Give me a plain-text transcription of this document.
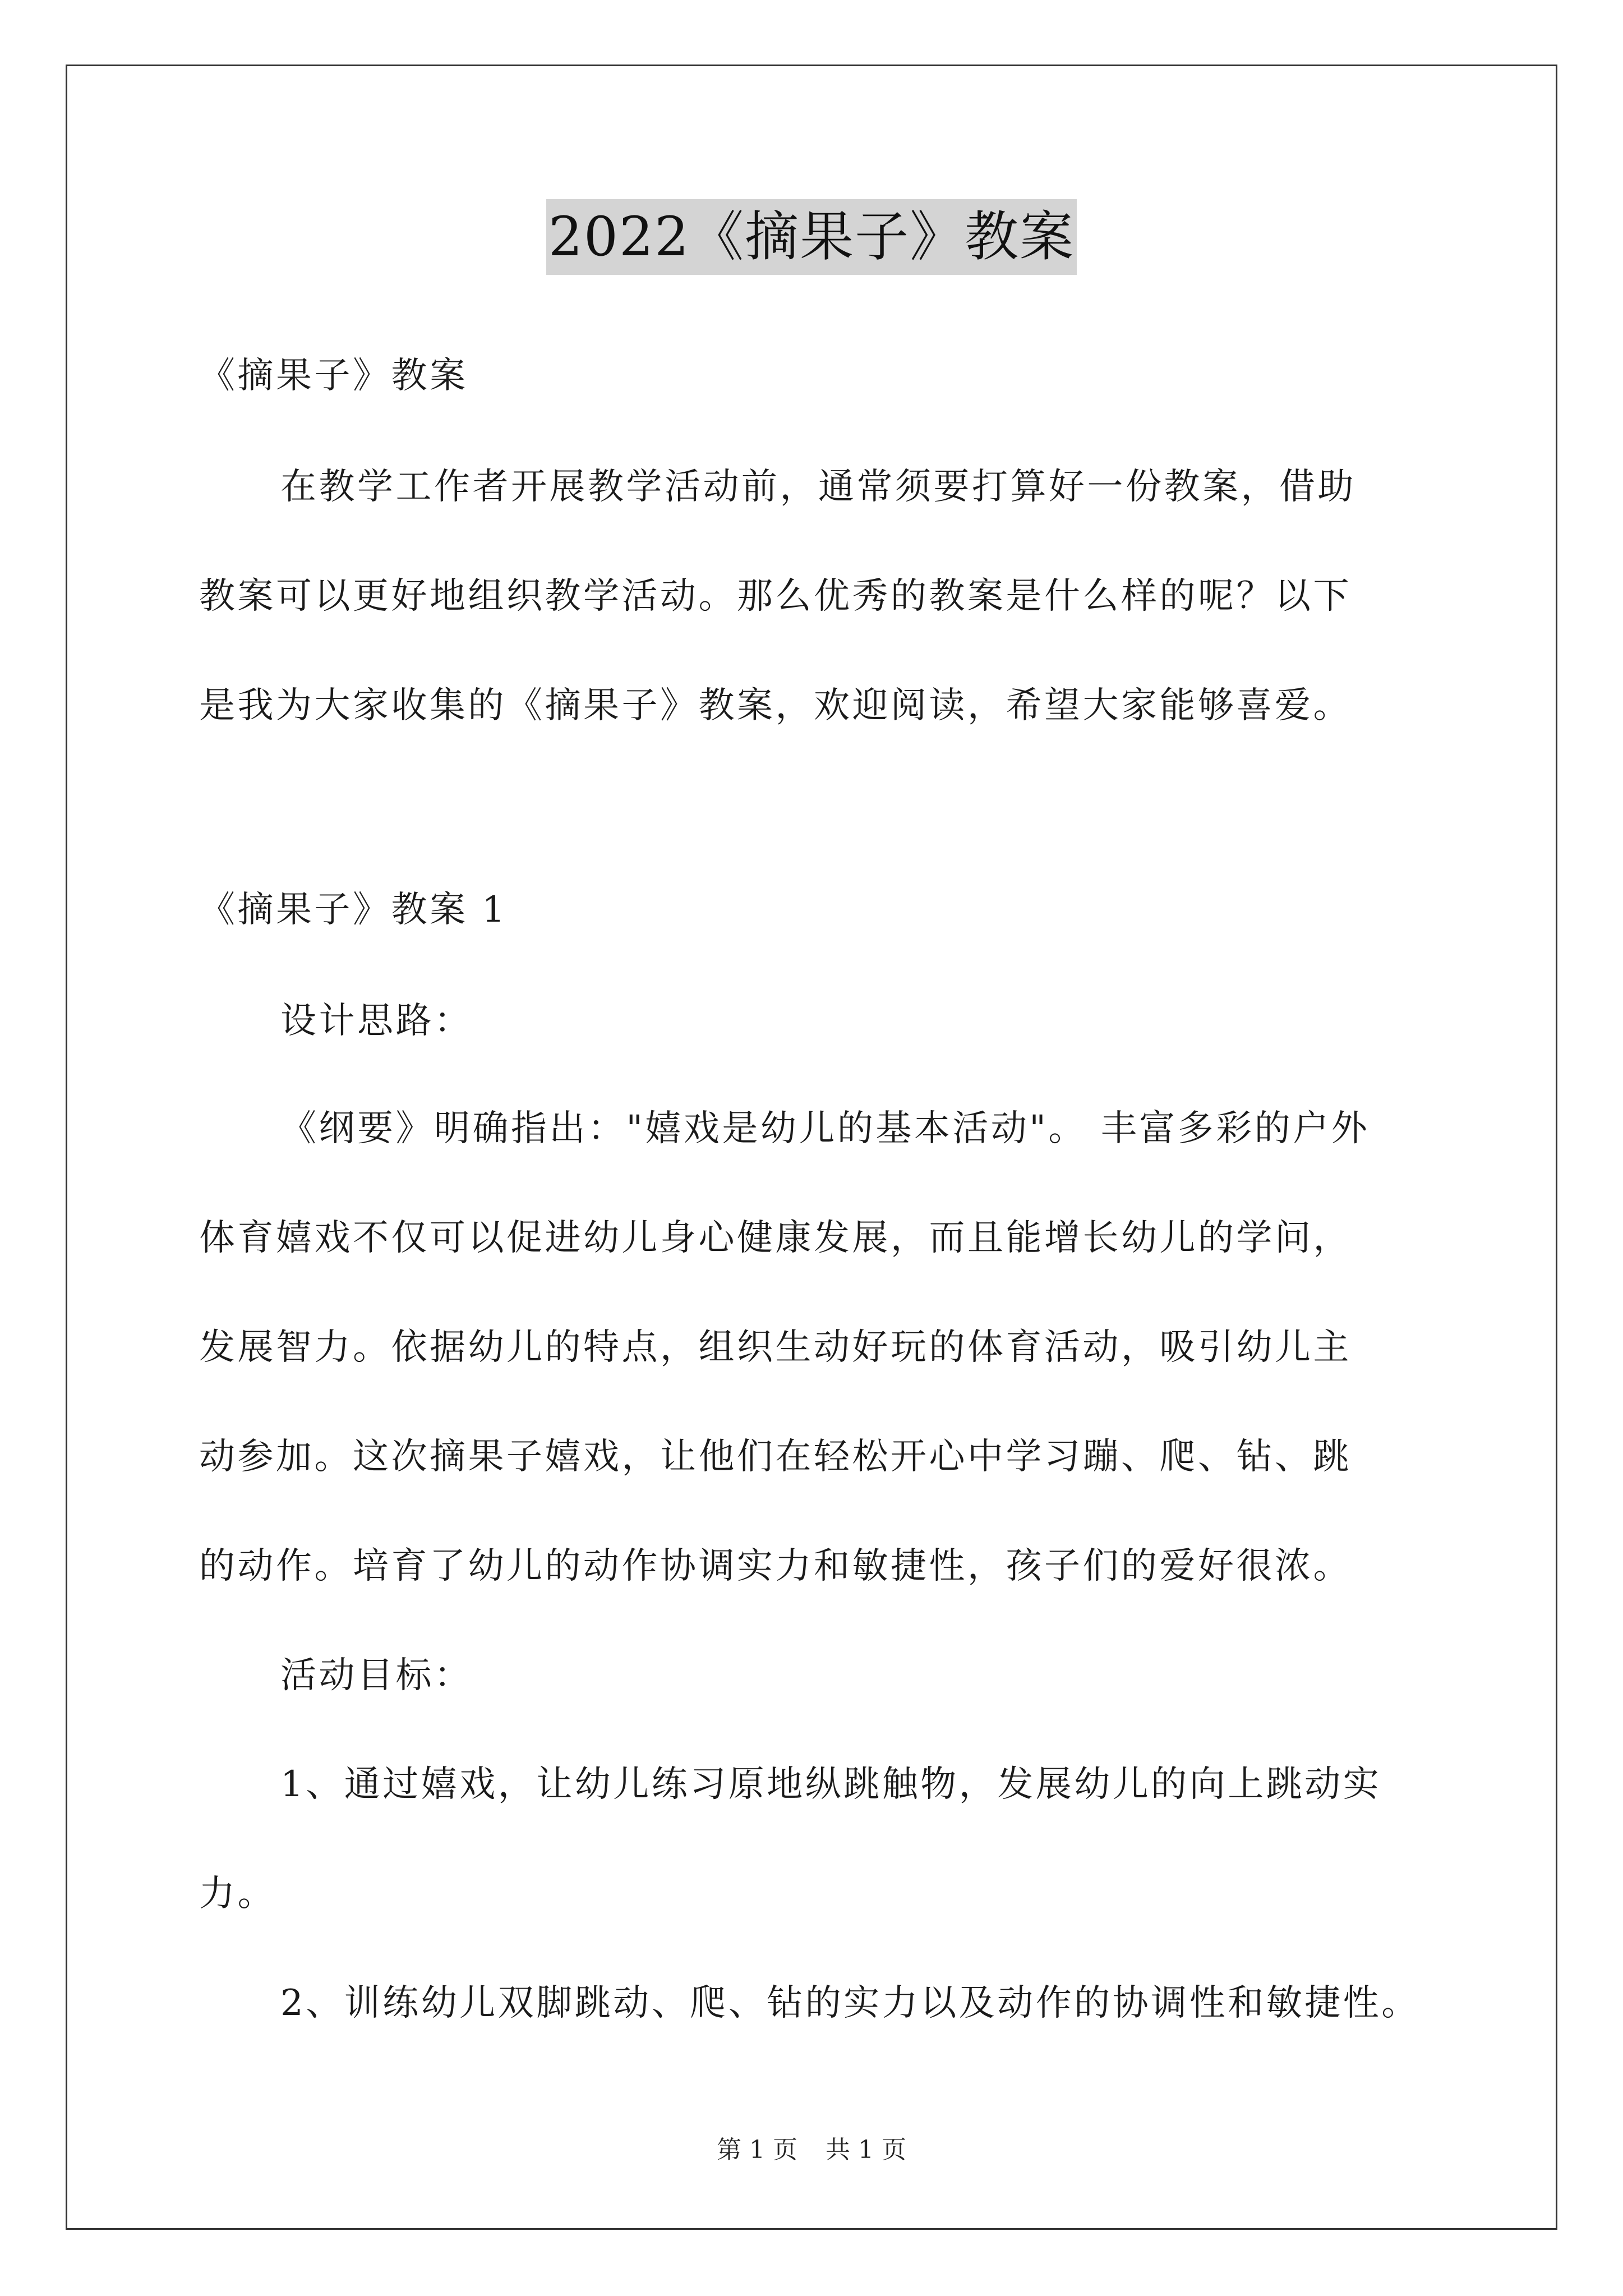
2022《摘果子》教案
《摘果子》教案
在教学工作者开展教学活动前，通常须要打算好一份教案，借助
教案可以更好地组织教学活动。那么优秀的教案是什么样的呢？以下
是我为大家收集的《摘果子》教案，欢迎阅读，希望大家能够喜爱。
《摘果子》教案 1
设计思路：
《纲要》明确指出："嬉戏是幼儿的基本活动"。 丰富多彩的户外
体育嬉戏不仅可以促进幼儿身心健康发展，而且能增长幼儿的学问，
发展智力。依据幼儿的特点，组织生动好玩的体育活动，吸引幼儿主
动参加。这次摘果子嬉戏，让他们在轻松开心中学习蹦、爬、钻、跳
的动作。培育了幼儿的动作协调实力和敏捷性，孩子们的爱好很浓。
活动目标：
1、通过嬉戏，让幼儿练习原地纵跳触物，发展幼儿的向上跳动实
力。
2、训练幼儿双脚跳动、爬、钻的实力以及动作的协调性和敏捷性。
第 1 页 共 1 页
